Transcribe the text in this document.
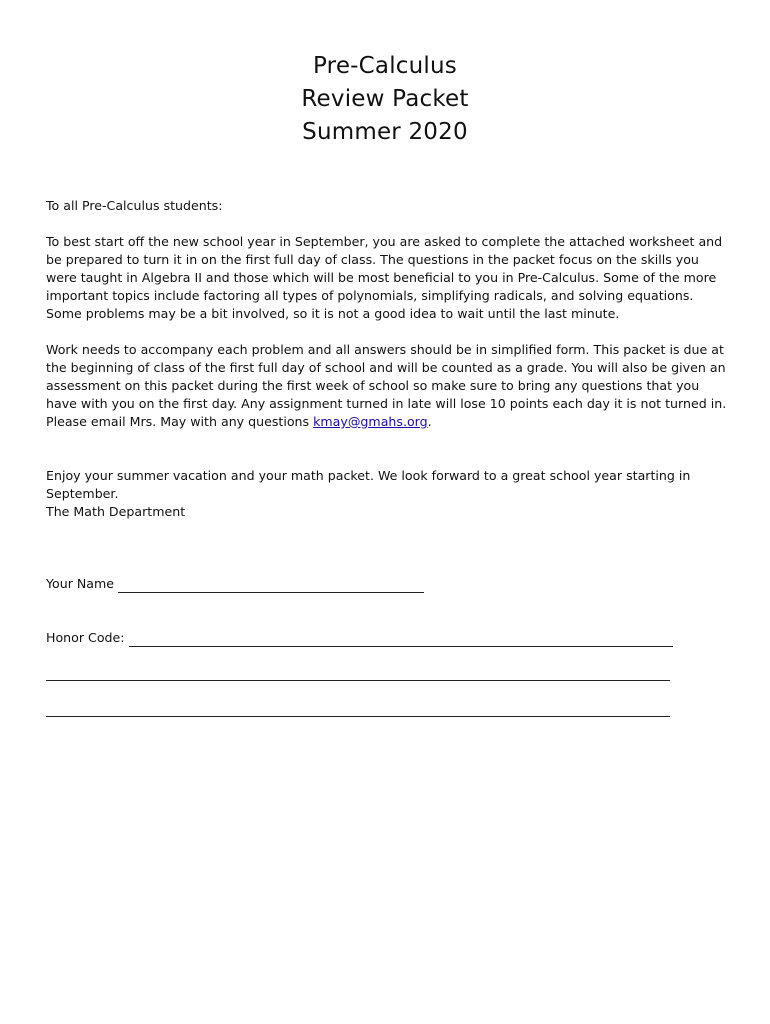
Pre-Calculus
Review Packet
Summer 2020
To all Pre-Calculus students:
To best start off the new school year in September, you are asked to complete the attached worksheet and be prepared to turn it in on the first full day of class. The questions in the packet focus on the skills you were taught in Algebra II and those which will be most beneficial to you in Pre-Calculus. Some of the more important topics include factoring all types of polynomials, simplifying radicals, and solving equations. Some problems may be a bit involved, so it is not a good idea to wait until the last minute.
Work needs to accompany each problem and all answers should be in simplified form. This packet is due at the beginning of class of the first full day of school and will be counted as a grade. You will also be given an assessment on this packet during the first week of school so make sure to bring any questions that you have with you on the first day. Any assignment turned in late will lose 10 points each day it is not turned in. Please email Mrs. May with any questions kmay@gmahs.org.
Enjoy your summer vacation and your math packet. We look forward to a great school year starting in September.
The Math Department
Your Name
Honor Code:
